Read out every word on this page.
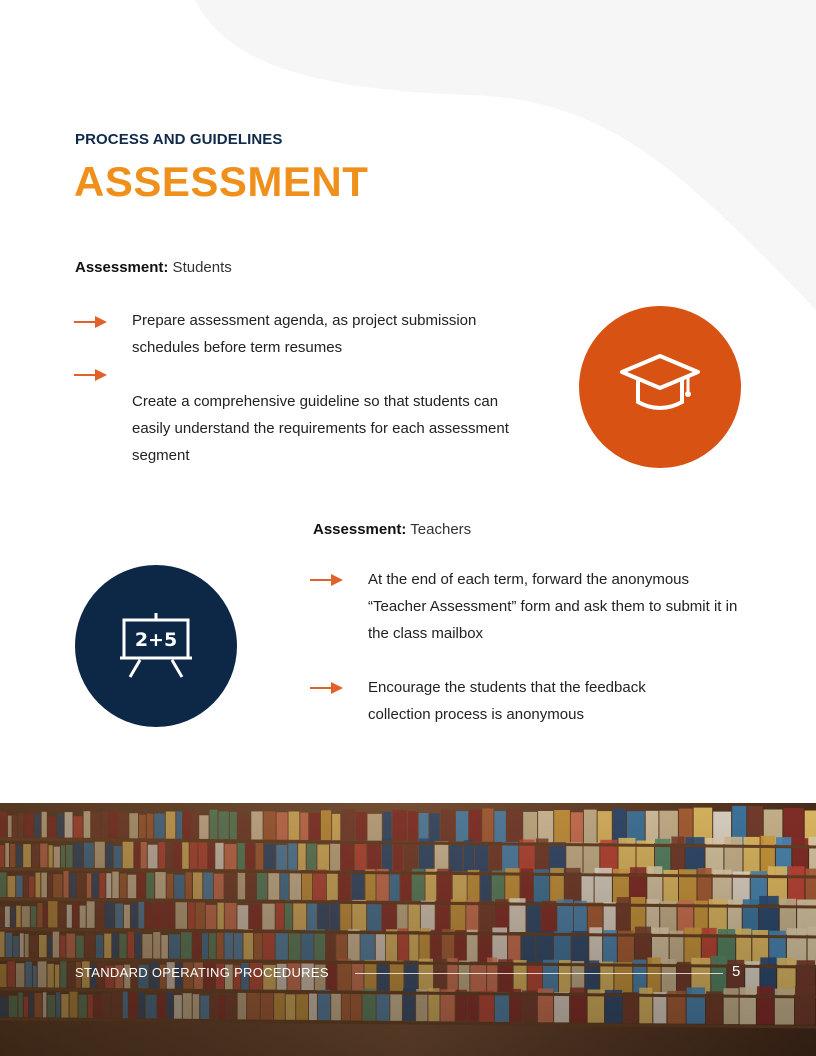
PROCESS AND GUIDELINES
ASSESSMENT
Assessment: Students
Prepare assessment agenda, as project submission schedules before term resumes
Create a comprehensive guideline so that students can easily understand the requirements for each assessment segment
Assessment: Teachers
At the end of each term, forward the anonymous “Teacher Assessment” form and ask them to submit it in the class mailbox
Encourage the students that the feedback collection process is anonymous
2+5
STANDARD OPERATING PROCEDURES	5
